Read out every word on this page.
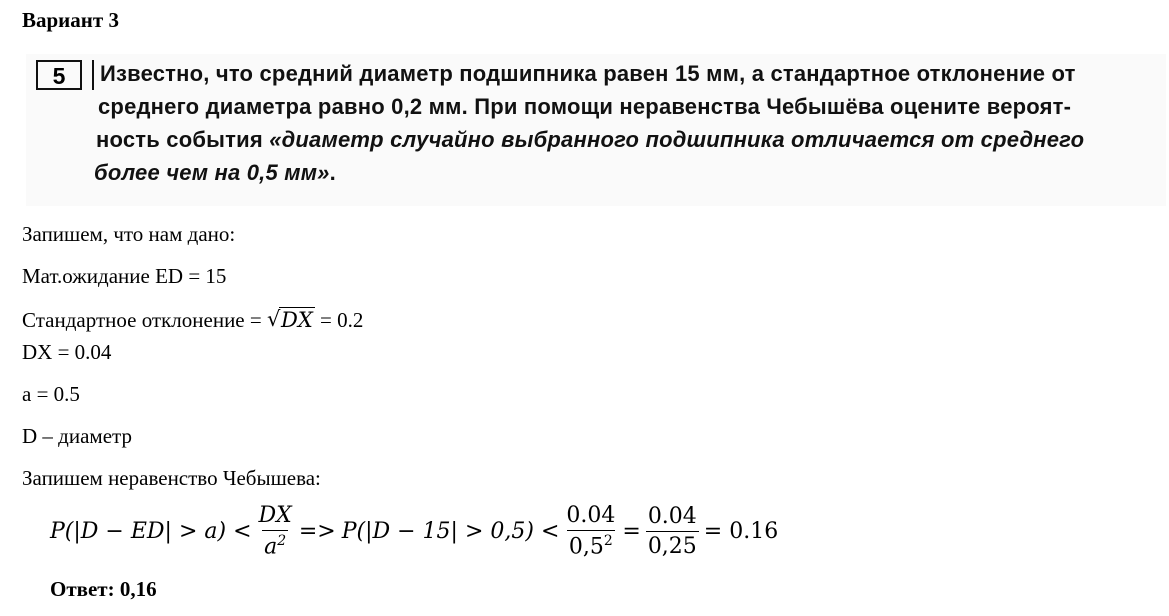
Вариант 3
5	Известно, что средний диаметр подшипника равен 15 мм, а стандартное отклонение от
среднего диаметра равно 0,2 мм. При помощи неравенства Чебышёва оцените вероят-
ность события «диаметр случайно выбранного подшипника отличается от среднего
более чем на 0,5 мм».
Запишем, что нам дано:
Мат.ожидание ED = 15
Стандартное отклонение = √ DX = 0.2
DX = 0.04
a = 0.5
D – диаметр
Запишем неравенство Чебышева:
$P(|D - ED| > a) < \frac{DX}{a^2} => P(|D - 15| > 0,5) < \frac{0.04}{0,5^2} = \frac{0.04}{0,25} = 0.16$
Ответ: 0,16
